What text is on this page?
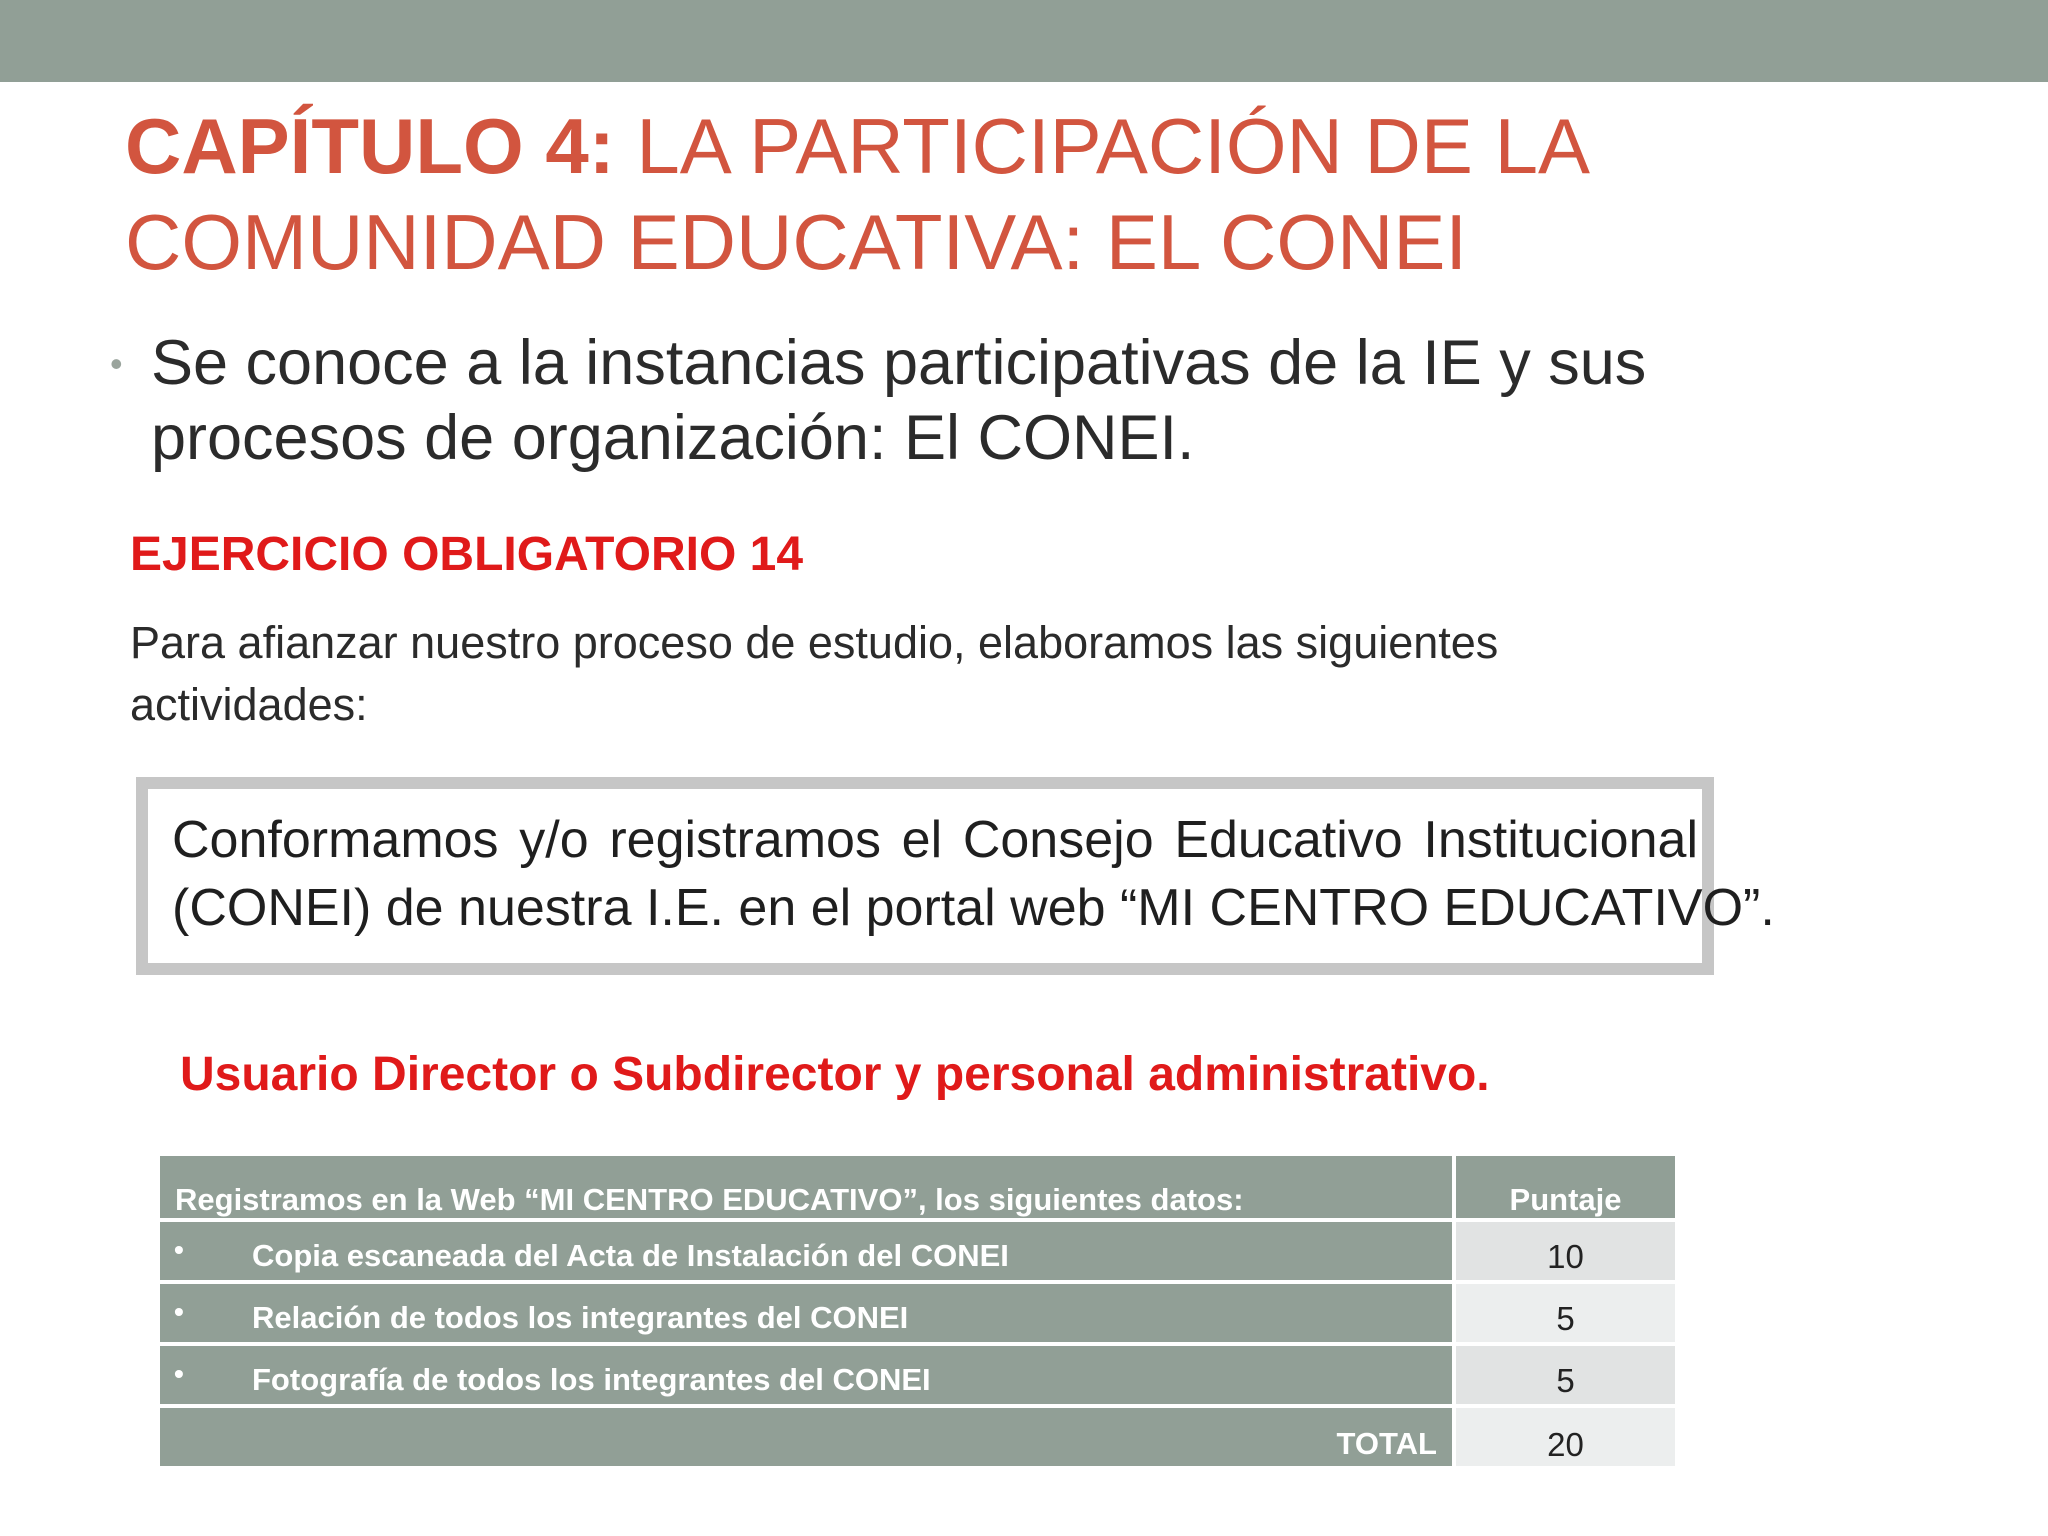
CAPÍTULO 4: LA PARTICIPACIÓN DE LA
COMUNIDAD EDUCATIVA: EL CONEI
• Se conoce a la instancias participativas de la IE y sus procesos de organización: El CONEI.
EJERCICIO OBLIGATORIO 14
Para afianzar nuestro proceso de estudio, elaboramos las siguientes actividades:
Conformamos y/o registramos el Consejo Educativo Institucional
(CONEI) de nuestra I.E. en el portal web “MI CENTRO EDUCATIVO”.
Usuario Director o Subdirector y personal administrativo.
Registramos en la Web “MI CENTRO EDUCATIVO”, los siguientes datos:	Puntaje
• Copia escaneada del Acta de Instalación del CONEI	10
• Relación de todos los integrantes del CONEI	5
• Fotografía de todos los integrantes del CONEI	5
TOTAL	20
